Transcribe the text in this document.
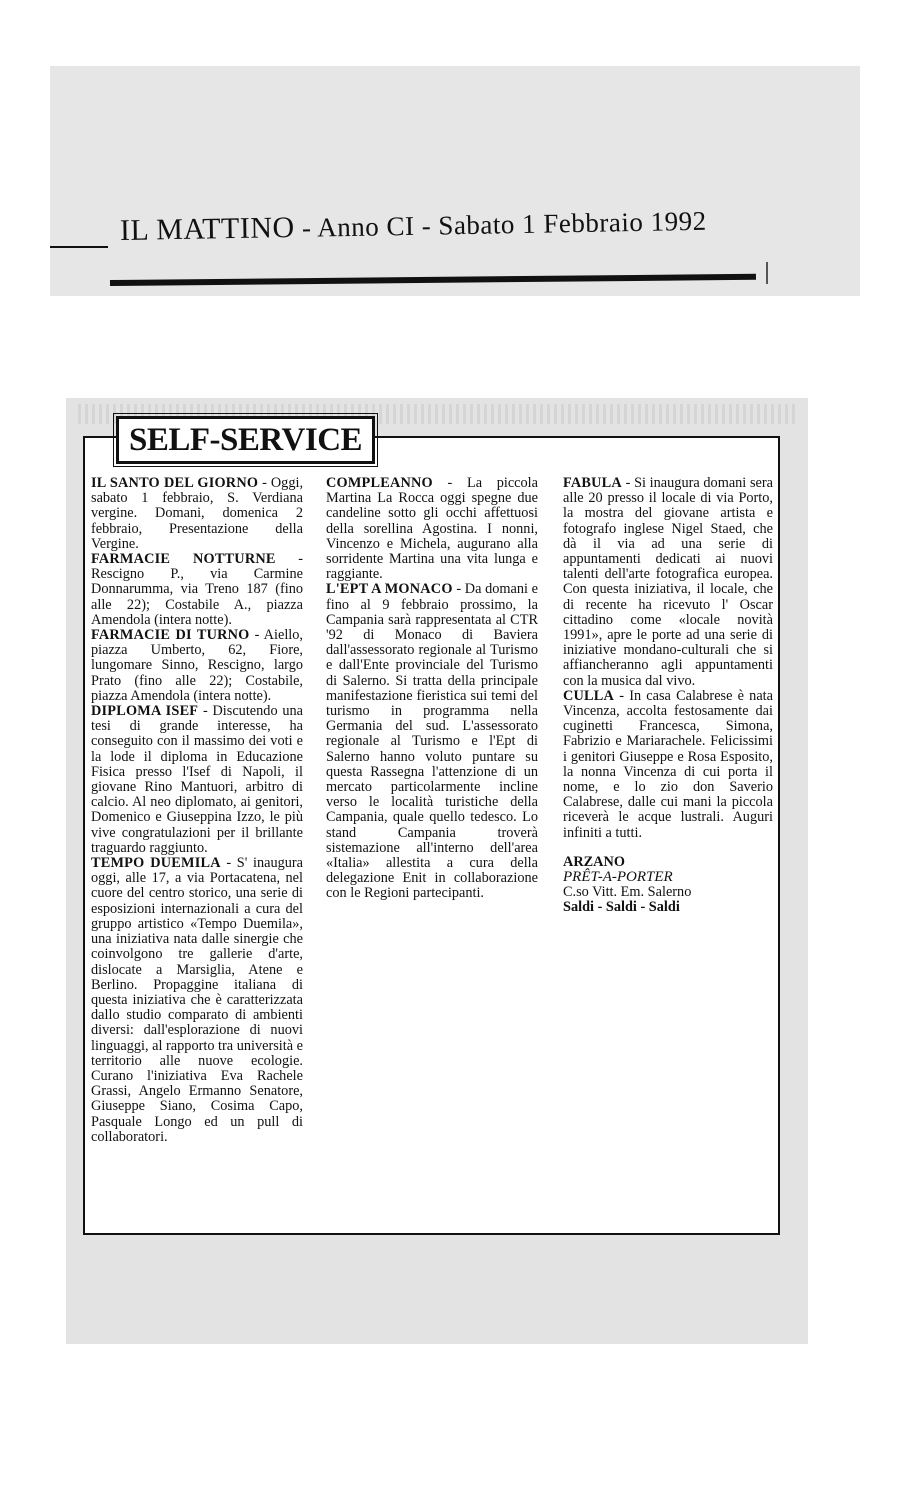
IL MATTINO - Anno CI - Sabato 1 Febbraio 1992
SELF-SERVICE

IL SANTO DEL GIORNO - Oggi, sabato 1 febbraio, S. Verdiana vergine. Domani, domenica 2 febbraio, Presentazione della Vergine.

FARMACIE NOTTURNE - Rescigno P., via Carmine Donnarumma, via Treno 187 (fino alle 22); Costabile A., piazza Amendola (intera notte).

FARMACIE DI TURNO - Aiello, piazza Umberto, 62, Fiore, lungomare Sinno, Rescigno, largo Prato (fino alle 22); Costabile, piazza Amendola (intera notte).

DIPLOMA ISEF - Discutendo una tesi di grande interesse, ha conseguito con il massimo dei voti e la lode il diploma in Educazione Fisica presso l'Isef di Napoli, il giovane Rino Mantuori, arbitro di calcio. Al neo diplomato, ai genitori, Domenico e Giuseppina Izzo, le più vive congratulazioni per il brillante traguardo raggiunto.

TEMPO DUEMILA - S' inaugura oggi, alle 17, a via Portacatena, nel cuore del centro storico, una serie di esposizioni internazionali a cura del gruppo artistico «Tempo Duemila», una iniziativa nata dalle sinergie che coinvolgono tre gallerie d'arte, dislocate a Marsiglia, Atene e Berlino. Propaggine italiana di questa iniziativa che è caratterizzata dallo studio comparato di ambienti diversi: dall'esplorazione di nuovi linguaggi, al rapporto tra università e territorio alle nuove ecologie. Curano l'iniziativa Eva Rachele Grassi, Angelo Ermanno Senatore, Giuseppe Siano, Cosima Capo, Pasquale Longo ed un pull di collaboratori.

COMPLEANNO - La piccola Martina La Rocca oggi spegne due candeline sotto gli occhi affettuosi della sorellina Agostina. I nonni, Vincenzo e Michela, augurano alla sorridente Martina una vita lunga e raggiante.

L'EPT A MONACO - Da domani e fino al 9 febbraio prossimo, la Campania sarà rappresentata al CTR '92 di Monaco di Baviera dall'assessorato regionale al Turismo e dall'Ente provinciale del Turismo di Salerno. Si tratta della principale manifestazione fieristica sui temi del turismo in programma nella Germania del sud. L'assessorato regionale al Turismo e l'Ept di Salerno hanno voluto puntare su questa Rassegna l'attenzione di un mercato particolarmente incline verso le località turistiche della Campania, quale quello tedesco. Lo stand Campania troverà sistemazione all'interno dell'area «Italia» allestita a cura della delegazione Enit in collaborazione con le Regioni partecipanti.

FABULA - Si inaugura domani sera alle 20 presso il locale di via Porto, la mostra del giovane artista e fotografo inglese Nigel Staed, che dà il via ad una serie di appuntamenti dedicati ai nuovi talenti dell'arte fotografica europea. Con questa iniziativa, il locale, che di recente ha ricevuto l' Oscar cittadino come «locale novità 1991», apre le porte ad una serie di iniziative mondano-culturali che si affiancheranno agli appuntamenti con la musica dal vivo.

CULLA - In casa Calabrese è nata Vincenza, accolta festosamente dai cuginetti Francesca, Simona, Fabrizio e Mariarachele. Felicissimi i genitori Giuseppe e Rosa Esposito, la nonna Vincenza di cui porta il nome, e lo zio don Saverio Calabrese, dalle cui mani la piccola riceverà le acque lustrali. Auguri infiniti a tutti.

ARZANO
PRÊT-A-PORTER
C.so Vitt. Em. Salerno
Saldi - Saldi - Saldi
